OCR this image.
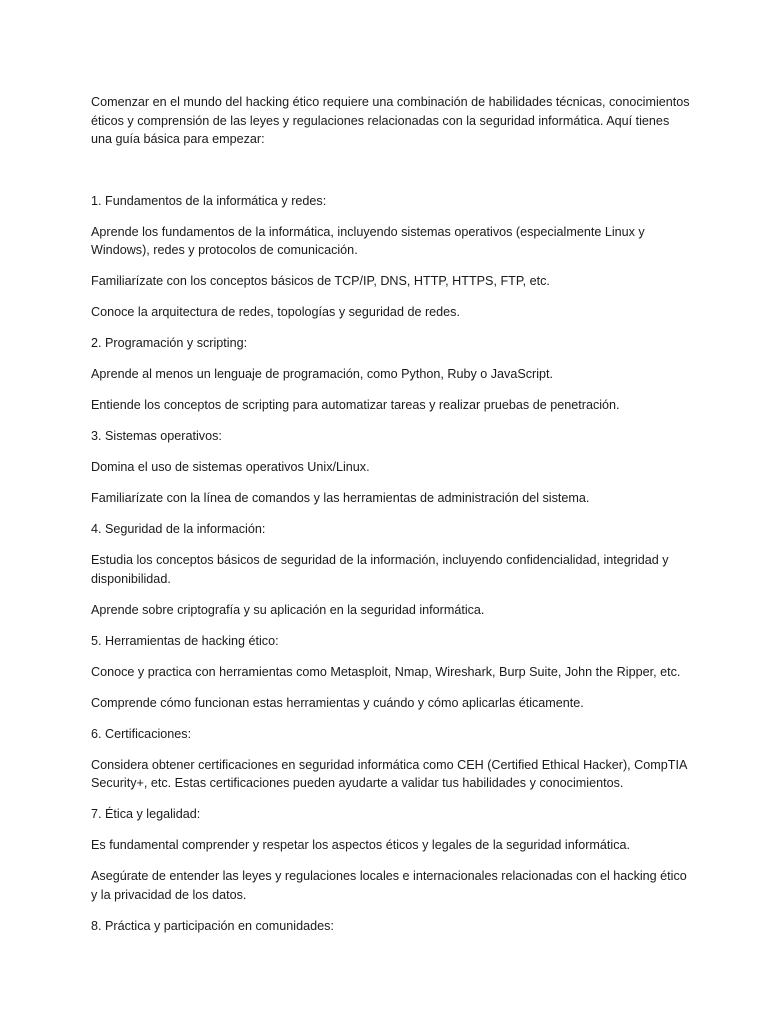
Comenzar en el mundo del hacking ético requiere una combinación de habilidades técnicas, conocimientos éticos y comprensión de las leyes y regulaciones relacionadas con la seguridad informática. Aquí tienes una guía básica para empezar:

1. Fundamentos de la informática y redes:

Aprende los fundamentos de la informática, incluyendo sistemas operativos (especialmente Linux y Windows), redes y protocolos de comunicación.

Familiarízate con los conceptos básicos de TCP/IP, DNS, HTTP, HTTPS, FTP, etc.

Conoce la arquitectura de redes, topologías y seguridad de redes.

2. Programación y scripting:

Aprende al menos un lenguaje de programación, como Python, Ruby o JavaScript.

Entiende los conceptos de scripting para automatizar tareas y realizar pruebas de penetración.

3. Sistemas operativos:

Domina el uso de sistemas operativos Unix/Linux.

Familiarízate con la línea de comandos y las herramientas de administración del sistema.

4. Seguridad de la información:

Estudia los conceptos básicos de seguridad de la información, incluyendo confidencialidad, integridad y disponibilidad.

Aprende sobre criptografía y su aplicación en la seguridad informática.

5. Herramientas de hacking ético:

Conoce y practica con herramientas como Metasploit, Nmap, Wireshark, Burp Suite, John the Ripper, etc.

Comprende cómo funcionan estas herramientas y cuándo y cómo aplicarlas éticamente.

6. Certificaciones:

Considera obtener certificaciones en seguridad informática como CEH (Certified Ethical Hacker), CompTIA Security+, etc. Estas certificaciones pueden ayudarte a validar tus habilidades y conocimientos.

7. Ética y legalidad:

Es fundamental comprender y respetar los aspectos éticos y legales de la seguridad informática.

Asegúrate de entender las leyes y regulaciones locales e internacionales relacionadas con el hacking ético y la privacidad de los datos.

8. Práctica y participación en comunidades:
